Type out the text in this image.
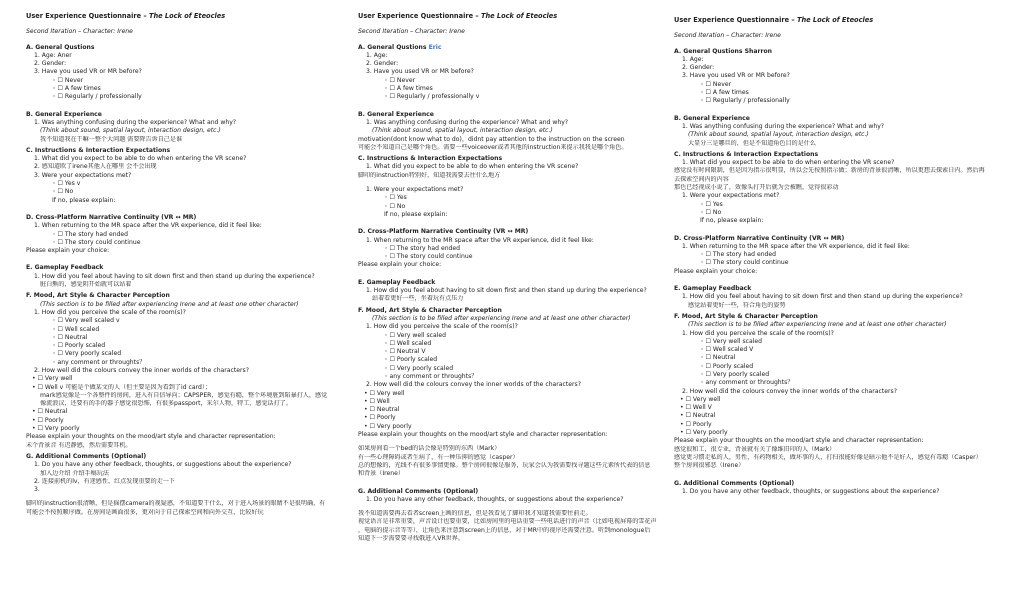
User Experience Questionnaire – The Lock of Eteocles
Second Iteration – Character: Irene
A. General Qustions
1. Age: Aner
2. Gender:
3. Have you used VR or MR before?
◦ ☐ Never
◦ ☐ A few times
◦ ☐ Regularly / professionally
B. General Experience
1. Was anything confusing during the experience? What and why?
(Think about sound, spatial layout, interaction design, etc.)
我不知道我在干嘛一整个大问题 需要降告诉自己是谁
C. Instructions & Interaction Expectations
1. What did you expect to be able to do when entering the VR scene?
2. 感知道欧了irene其他人在哪里 会不会出现
3. Were your expectations met?
◦ ☐ Yes v
◦ ☐ No
If no, please explain:
D. Cross-Platform Narrative Continuity (VR ↔ MR)
1. When returning to the MR space after the VR experience, did it feel like:
◦ ☐ The story had ended
◦ ☐ The story could continue
Please explain your choice:
E. Gameplay Feedback
1. How did you feel about having to sit down first and then stand up during the experience?
脏白熊的，感觉阴开始就可以站着
F. Mood, Art Style & Character Perception
(This section is to be filled after experiencing Irene and at least one other character)
1. How did you perceive the scale of the room(s)?
◦ ☐ Very well scaled v
◦ ☐ Well scaled
◦ ☐ Neutral
◦ ☐ Poorly scaled
◦ ☐ Very poorly scaled
◦ any comment or throughts？
2. How well did the colours convey the inner worlds of the characters?
• ☐ Very well
• ☐ Well v 可能是个做某文的人（但主要是因为看到了id card）；
mark感觉像是一个各整件的房间，进入有自信导向；CAPSPER，感觉有瘾，整个环境脏到陷暴打人，感觉
像流浪汉，还要有的手的器子感觉很恐怖，有很多passport，采尔人物，特工，感觉话打了。
• ☐ Neutral
• ☐ Poorly
• ☐ Very poorly
Please explain your thoughts on the mood/art style and character representation:
未个背景音 有迟静感，然后需要耳机。
G. Additional Comments (Optional)
1. Do you have any other feedback, thoughts, or suggestions about the experience?
加入边介绍 介绍手稿玩法
2. 连接前机的lv，有迷感性，红点发现重要的走一下
3.
脚印的instruction很清晰，但是摇摆camera的视疑惑，不知道要干什么，对于进入场景的眼睛不是很明确，有
可能会不按照顺序做。在房间是画面很多，更对向于自己探索空间和向外交互，比较好玩
User Experience Questionnaire – The Lock of Eteocles
Second Iteration – Character: Irene
A. General Qustions Eric
1. Age:
2. Gender:
3. Have you used VR or MR before?
◦ ☐ Never
◦ ☐ A few times
◦ ☐ Regularly / professionally v
B. General Experience
1. Was anything confusing during the experience? What and why?
(Think about sound, spatial layout, interaction design, etc.)
motivation(dont know what to do)，didnt pay attention to the instruction on the screen
可能会不知道自己是哪个角色。需要一些voiceover或者其他的instruction来提示我我是哪个角色。
C. Instructions & Interaction Expectations
1. What did you expect to be able to do when entering the VR scene?
脚印的instruction特别好，知道我需要去往什么地方
1. Were your expectations met?
◦ ☐ Yes
◦ ☐ No
If no, please explain:
D. Cross-Platform Narrative Continuity (VR ↔ MR)
1. When returning to the MR space after the VR experience, did it feel like:
◦ ☐ The story had ended
◦ ☐ The story could continue
Please explain your choice:
E. Gameplay Feedback
1. How did you feel about having to sit down first and then stand up during the experience?
站着看更好一些，坐着玩有点压力
F. Mood, Art Style & Character Perception
(This section is to be filled after experiencing Irene and at least one other character)
1. How did you perceive the scale of the room(s)?
◦ ☐ Very well scaled
◦ ☐ Well scaled
◦ ☐ Neutral V
◦ ☐ Poorly scaled
◦ ☐ Very poorly scaled
◦ any comment or throughts？
2. How well did the colours convey the inner worlds of the characters?
• ☐ Very well
• ☐ Well
• ☐ Neutral
• ☐ Poorly
• ☐ Very poorly
Please explain your thoughts on the mood/art style and character representation:
如果房间看一个bed的话会像是特别的东西（Mark）
有一些心理障碍或者生病了，有一种压抑的感觉（casper）
总的想像的，光线不有很多事情更像。整个房间很像是服务，玩家会认为我需要找寻题这些元素所代表的信息
和背景（Irene）
G. Additional Comments (Optional)
1. Do you have any other feedback, thoughts, or suggestions about the experience?
我不知道需要再去看者screen上画的信息，但是我看见了脚印我才知道我需要往前走。
视觉语言是非常重要，声音设计也要重要，比如房间里的电话重要一些电话进行的声音（比如电视屏幕的雪花声
，电脑的提示音等等），让角色来注意到screen上的信息，对于MR中的视序还需要注意。听到monologue后
知道下一步需要要寻找俄进入VR世界。
User Experience Questionnaire – The Lock of Eteocles
Second Iteration – Character: Irene
A. General Qustions Sharron
1. Age:
2. Gender:
3. Have you used VR or MR before?
◦ ☐ Never
◦ ☐ A few times
◦ ☐ Regularly / professionally
B. General Experience
1. Was anything confusing during the experience? What and why?
(Think about sound, spatial layout, interaction design, etc.)
大显分三是哪旦的，但是不知道角色目的是什么
C. Instructions & Interaction Expectations
1. What did you expect to be able to do when entering the VR scene?
感觉没有时间限制，但是因为指示很明显，所以会先按照指示做；新房的背景很清晰，所以更想去探索日内。然后再
去探索空间内的内容
那色已经视成小说了，效像头打开后就为会被瞧，觉得很彩动
1. Were your expectations met?
◦ ☐ Yes
◦ ☐ No
If no, please explain:
D. Cross-Platform Narrative Continuity (VR ↔ MR)
1. When returning to the MR space after the VR experience, did it feel like:
◦ ☐ The story had ended
◦ ☐ The story could continue
Please explain your choice:
E. Gameplay Feedback
1. How did you feel about having to sit down first and then stand up during the experience?
感觉站着更好一些，符合角色的姿势
F. Mood, Art Style & Character Perception
(This section is to be filled after experiencing Irene and at least one other character)
1. How did you perceive the scale of the room(s)?
◦ ☐ Very well scaled
◦ ☐ Well scaled V
◦ ☐ Neutral
◦ ☐ Poorly scaled
◦ ☐ Very poorly scaled
◦ any comment or throughts？
2. How well did the colours convey the inner worlds of the characters?
• ☐ Very well
• ☐ Well V
• ☐ Neutral
• ☐ Poorly
• ☐ Very poorly
Please explain your thoughts on the mood/art style and character representation:
感觉很和工，很专业，背景就有关了像维旧印的人（Mark）
感觉更习惯走私的人，男性，有药物相关，做坏事的人，打扫很能好像是暗示他不是好人，感觉有毒瘾（Casper）
整个房间很邪恶（Irene）
G. Additional Comments (Optional)
1. Do you have any other feedback, thoughts, or suggestions about the experience?
